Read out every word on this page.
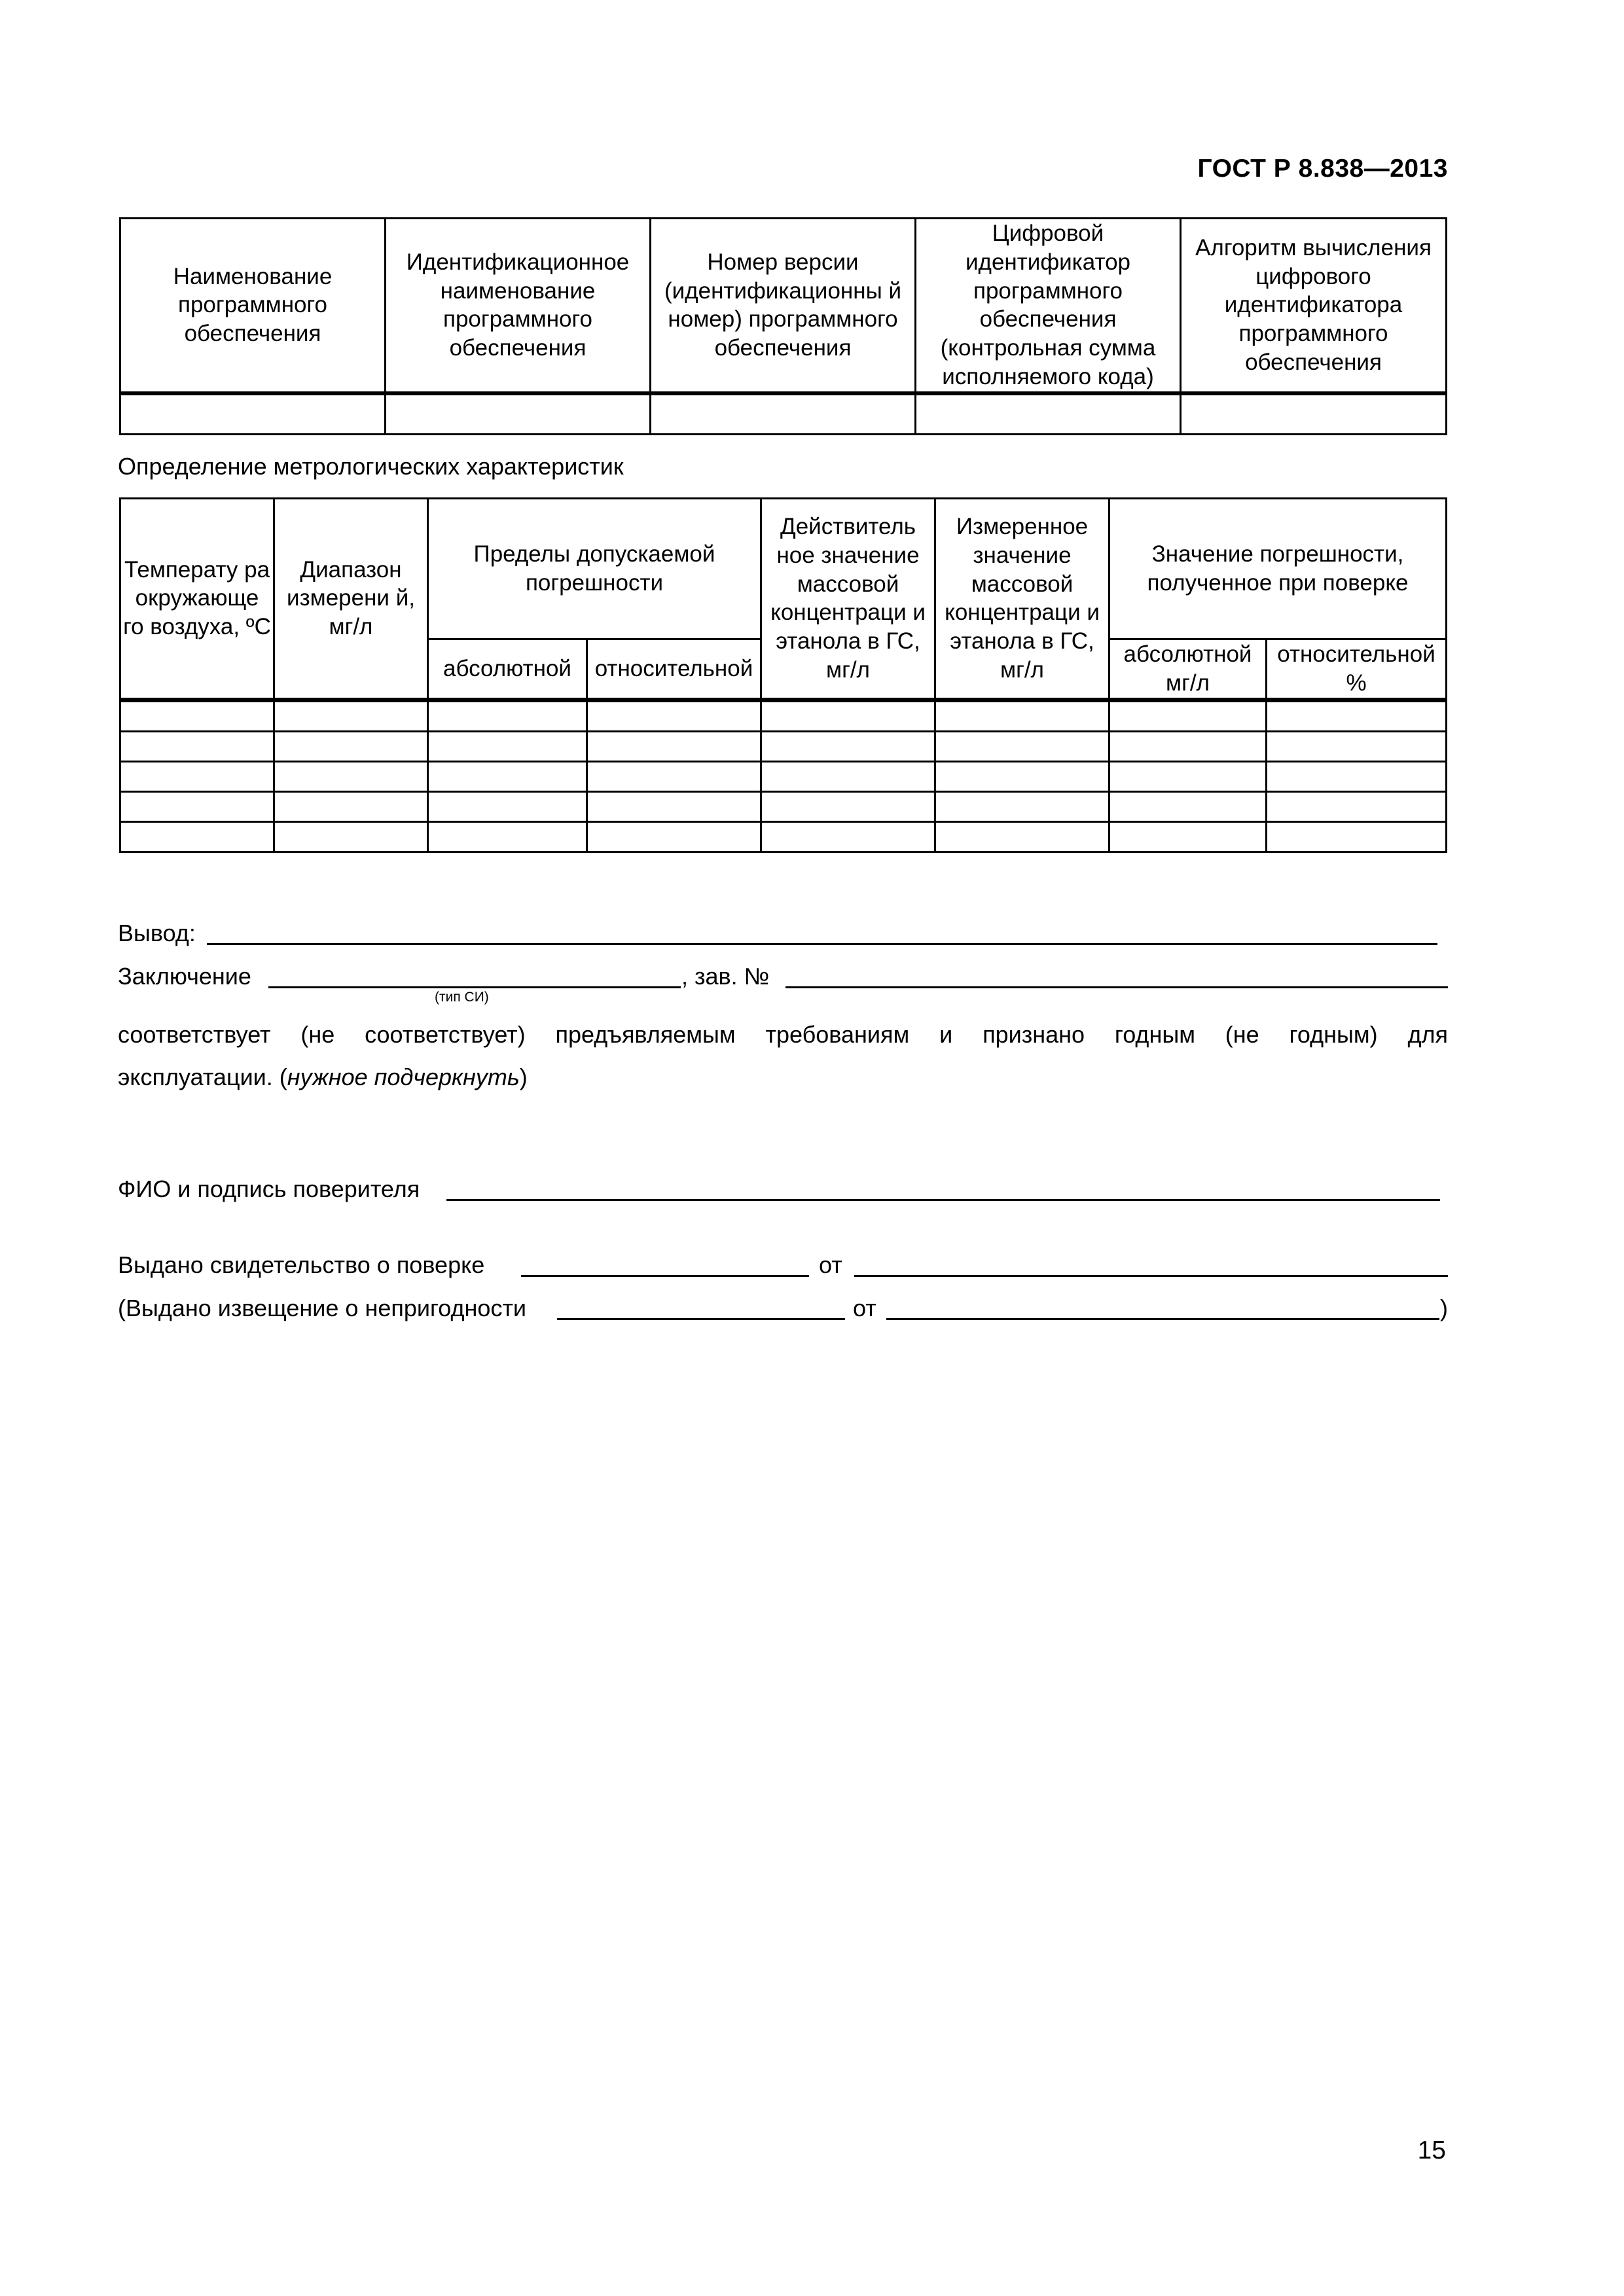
ГОСТ Р 8.838—2013
Наименование программного обеспечения	Идентификационное наименование программного обеспечения	Номер версии (идентификационны й номер) программного обеспечения	Цифровой идентификатор программного обеспечения (контрольная сумма исполняемого кода)	Алгоритм вычисления цифрового идентификатора программного обеспечения

Определение метрологических характеристик
Температу ра окружающе го воздуха, ºС	Диапазон измерени й, мг/л	Пределы допускаемой погрешности		Действитель ное значение массовой концентраци и этанола в ГС, мг/л	Измеренное значение массовой концентраци и этанола в ГС, мг/л	Значение погрешности, полученное при поверке	
		абсолютной	относительной			абсолютной мг/л	относительной %

Вывод:
Заключение
(тип СИ)
, зав. №
соответствует (не соответствует) предъявляемым требованиям и признано годным (не годным) для
эксплуатации. (нужное подчеркнуть)
ФИО и подпись поверителя
Выдано свидетельство о поверке	от
(Выдано извещение о непригодности	от	)
15
